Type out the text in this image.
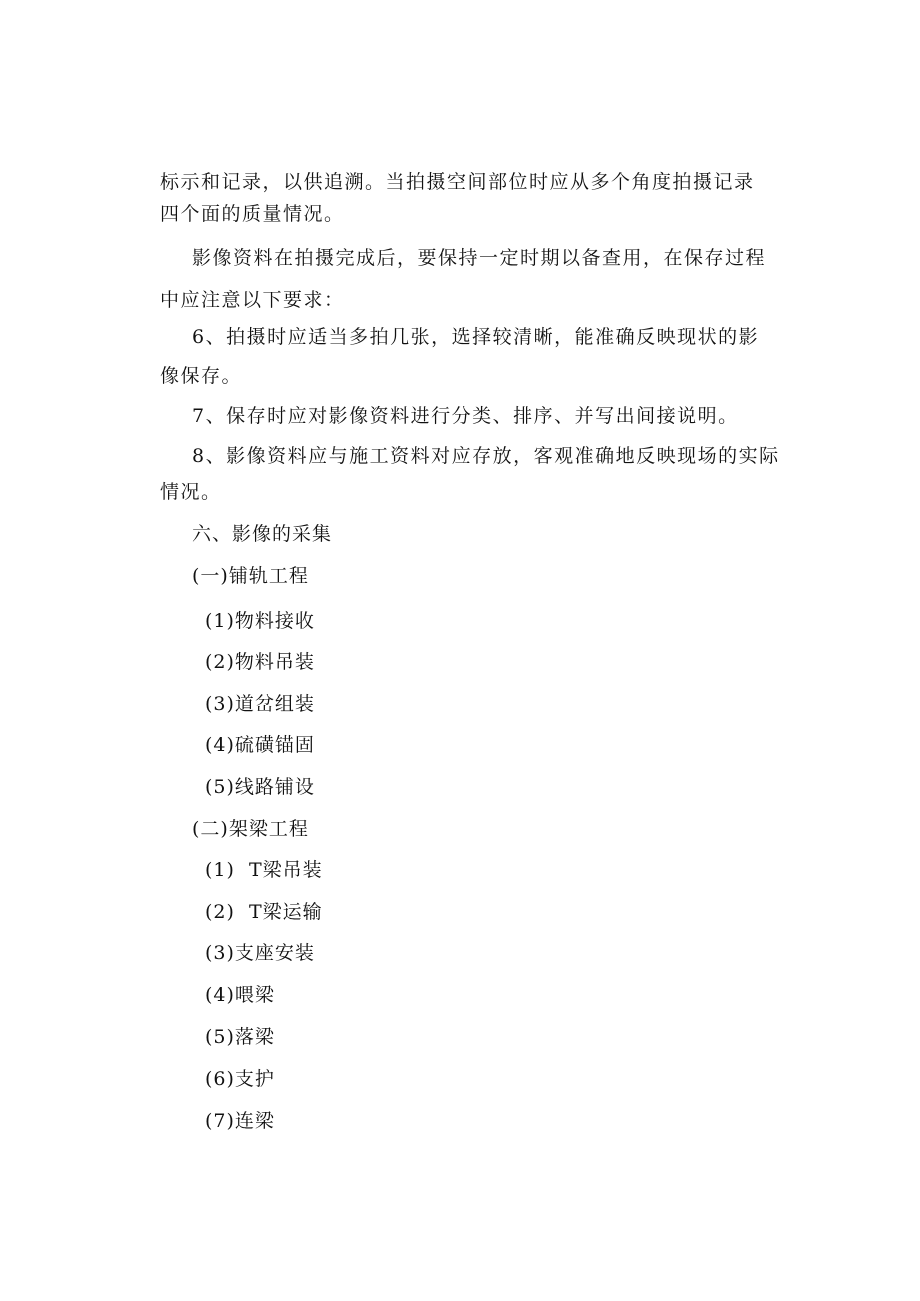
标示和记录，以供追溯。当拍摄空间部位时应从多个角度拍摄记录
四个面的质量情况。
影像资料在拍摄完成后，要保持一定时期以备查用，在保存过程
中应注意以下要求：
6、拍摄时应适当多拍几张，选择较清晰，能准确反映现状的影
像保存。
7、保存时应对影像资料进行分类、排序、并写出间接说明。
8、影像资料应与施工资料对应存放，客观准确地反映现场的实际
情况。
六、影像的采集
(一)铺轨工程
(1)物料接收
(2)物料吊装
(3)道岔组装
(4)硫磺锚固
(5)线路铺设
(二)架梁工程
(1)  T梁吊装
(2)  T梁运输
(3)支座安装
(4)喂梁
(5)落梁
(6)支护
(7)连梁
